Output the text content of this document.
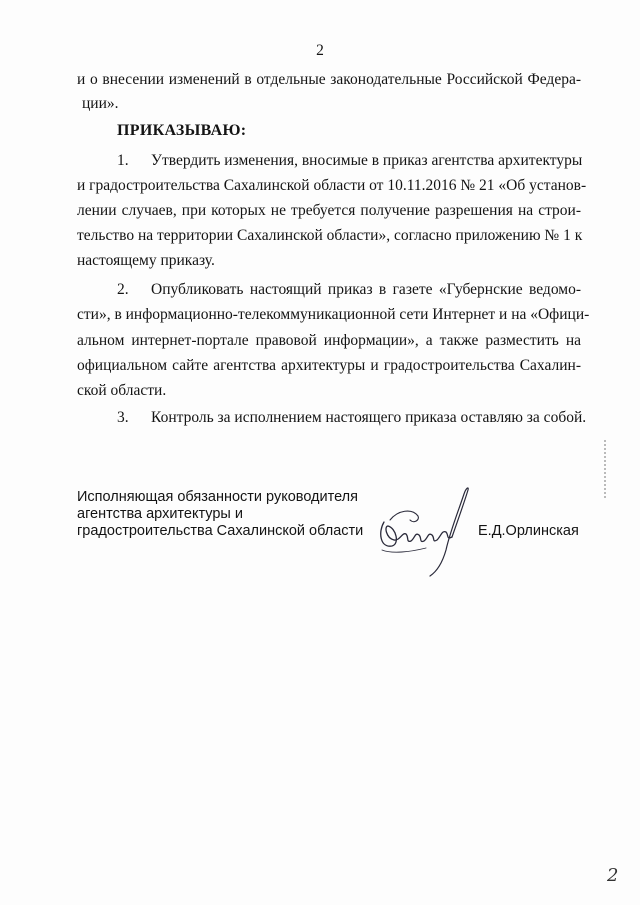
2
и о внесении изменений в отдельные законодательные Российской Федера-
ции».
ПРИКАЗЫВАЮ:
1. Утвердить изменения, вносимые в приказ агентства архитектуры
и градостроительства Сахалинской области от 10.11.2016 № 21 «Об установ-
лении случаев, при которых не требуется получение разрешения на строи-
тельство на территории Сахалинской области», согласно приложению № 1 к
настоящему приказу.
2. Опубликовать настоящий приказ в газете «Губернские ведомо-
сти», в информационно-телекоммуникационной сети Интернет и на «Офици-
альном интернет-портале правовой информации», а также разместить на
официальном сайте агентства архитектуры и градостроительства Сахалин-
ской области.
3. Контроль за исполнением настоящего приказа оставляю за собой.
Исполняющая обязанности руководителя
агентства архитектуры и
градостроительства Сахалинской области	Е.Д.Орлинская
2
